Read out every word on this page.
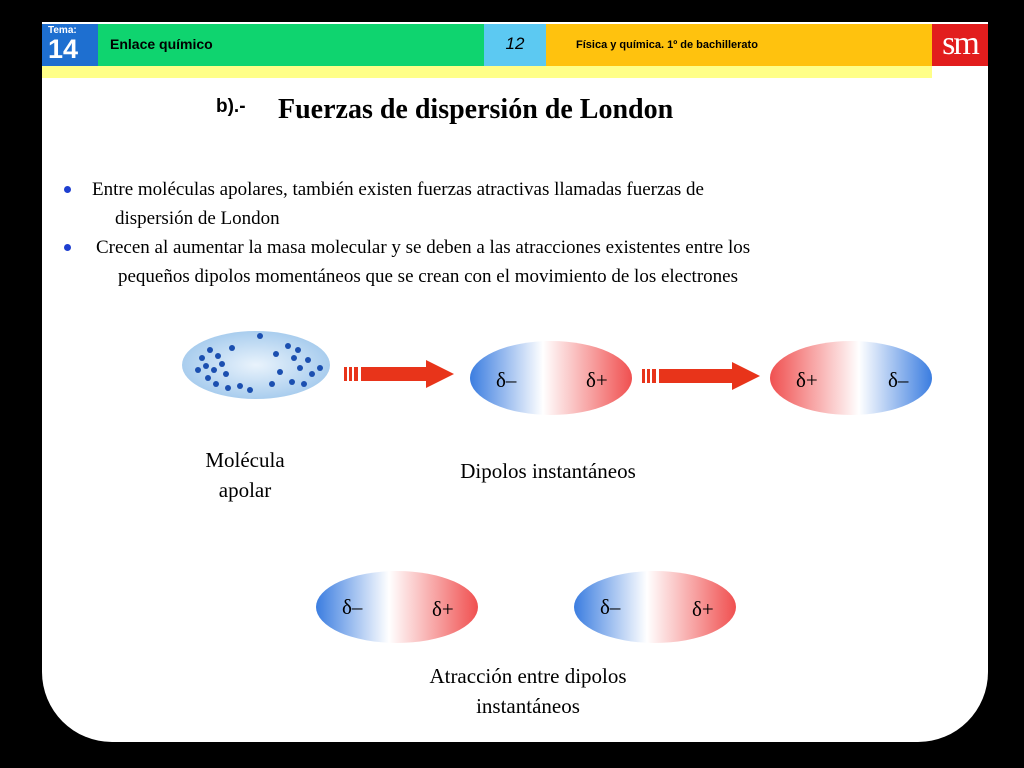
Tema:
14 Enlace químico	12	Física y química. 1º de bachillerato	sm
b).- Fuerzas de dispersión de London
Entre moléculas apolares, también existen fuerzas atractivas llamadas fuerzas de
dispersión de London
Crecen al aumentar la masa molecular y se deben a las atracciones existentes entre los
pequeños dipolos momentáneos que se crean con el movimiento de los electrones
δ–	δ+	δ+	δ–
Molécula
apolar
Dipolos instantáneos
δ–	δ+	δ–	δ+
Atracción entre dipolos
instantáneos
